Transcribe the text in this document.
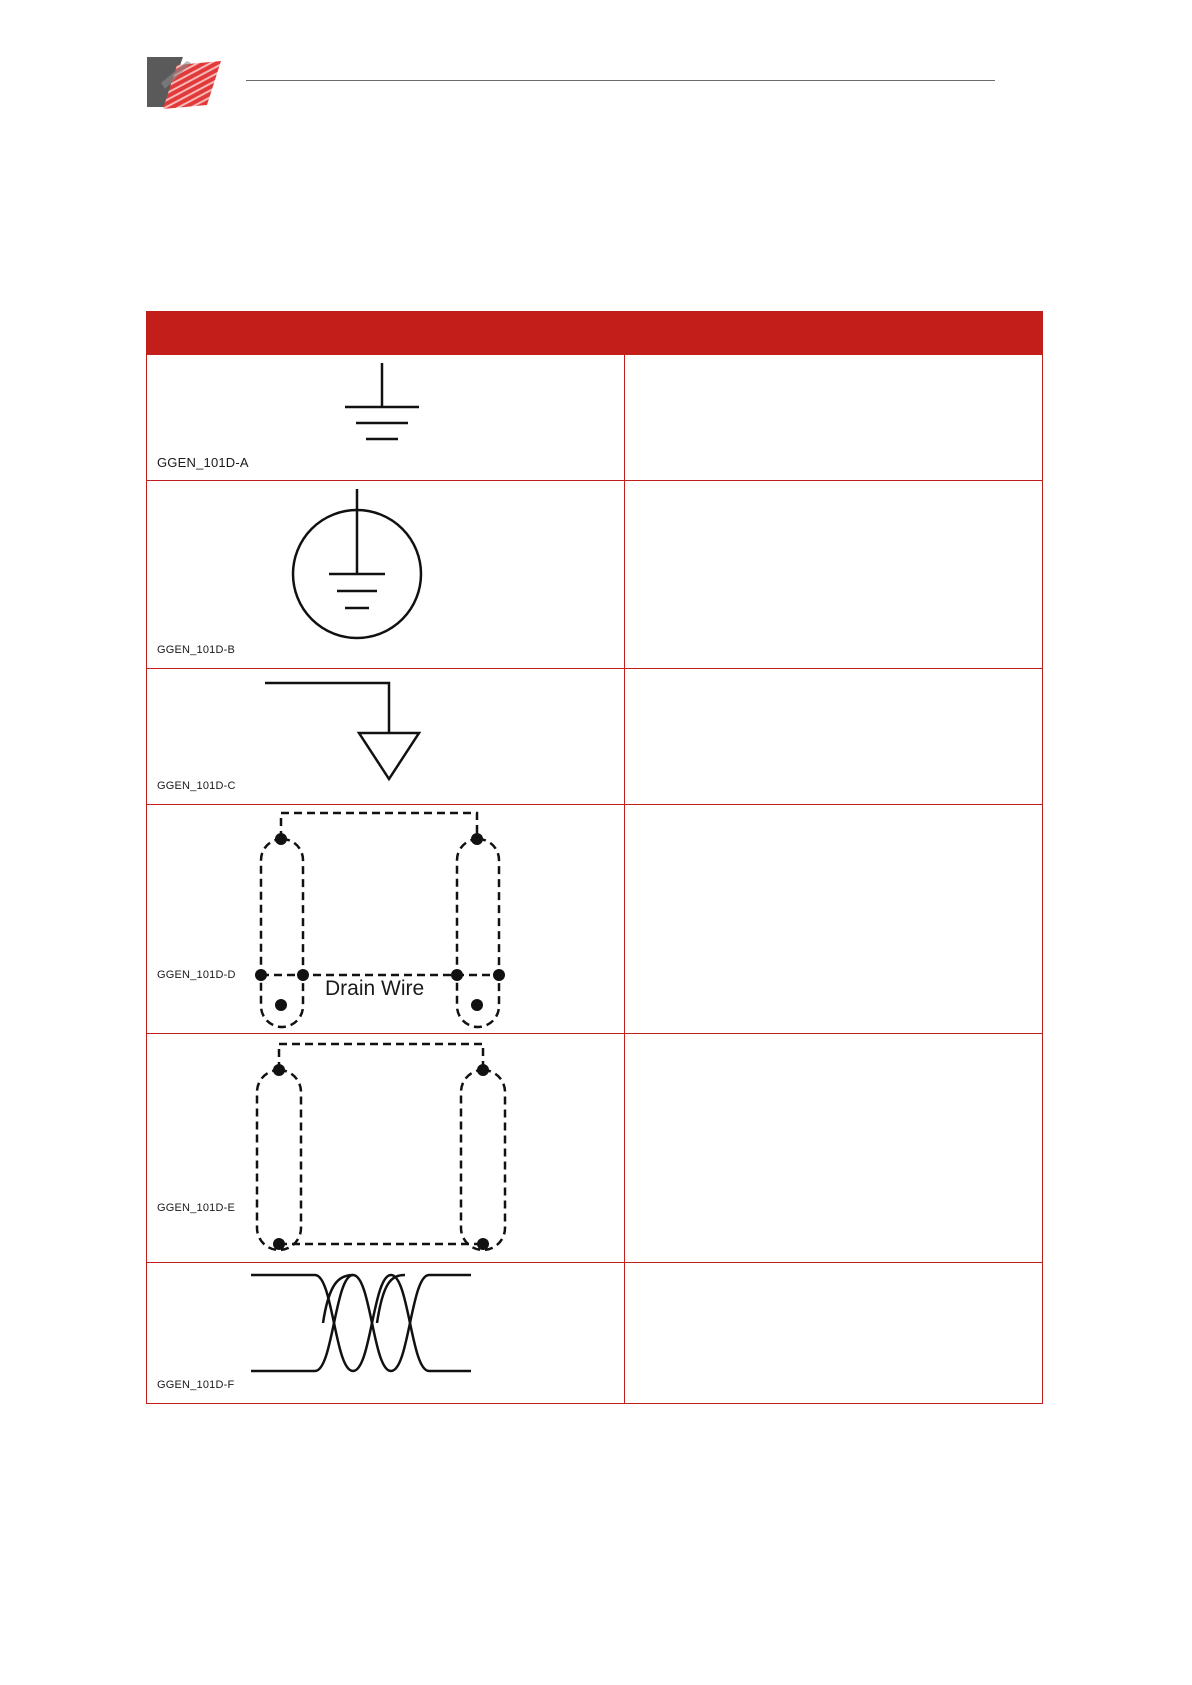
GGEN_101D-A	

GGEN_101D-B	

GGEN_101D-C	

Drain Wire
GGEN_101D-D	

GGEN_101D-E	

GGEN_101D-F	
